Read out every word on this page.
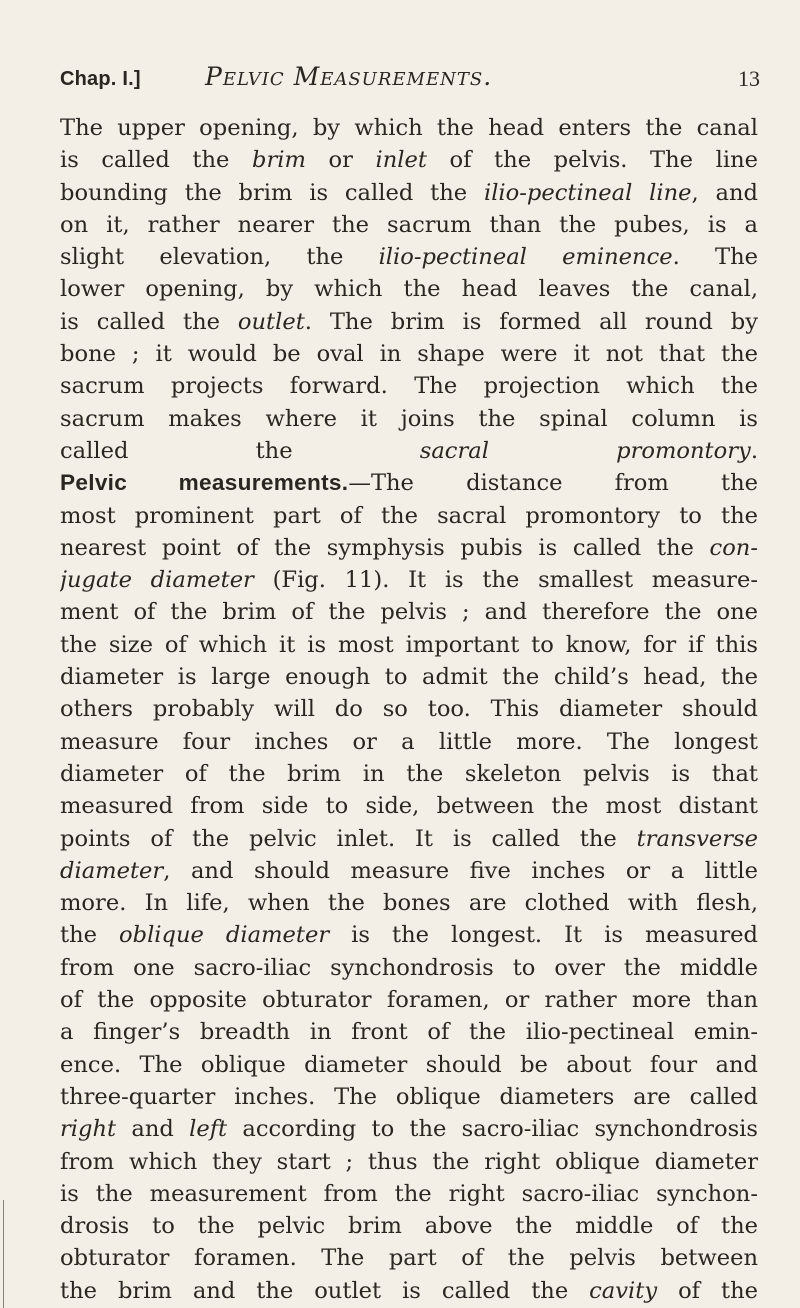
Chap. I.]	Pelvic Measurements.	13
The upper opening, by which the head enters the canal
is called the brim or inlet of the pelvis. The line
bounding the brim is called the ilio-pectineal line, and
on it, rather nearer the sacrum than the pubes, is a
slight elevation, the ilio-pectineal eminence. The
lower opening, by which the head leaves the canal,
is called the outlet. The brim is formed all round by
bone ; it would be oval in shape were it not that the
sacrum projects forward. The projection which the
sacrum makes where it joins the spinal column is
called the sacral promontory.
Pelvic measurements.—The distance from the
most prominent part of the sacral promontory to the
nearest point of the symphysis pubis is called the con-
jugate diameter (Fig. 11). It is the smallest measure-
ment of the brim of the pelvis ; and therefore the one
the size of which it is most important to know, for if this
diameter is large enough to admit the child’s head, the
others probably will do so too. This diameter should
measure four inches or a little more. The longest
diameter of the brim in the skeleton pelvis is that
measured from side to side, between the most distant
points of the pelvic inlet. It is called the transverse
diameter, and should measure five inches or a little
more. In life, when the bones are clothed with flesh,
the oblique diameter is the longest. It is measured
from one sacro-iliac synchondrosis to over the middle
of the opposite obturator foramen, or rather more than
a finger’s breadth in front of the ilio-pectineal emin-
ence. The oblique diameter should be about four and
three-quarter inches. The oblique diameters are called
right and left according to the sacro-iliac synchondrosis
from which they start ; thus the right oblique diameter
is the measurement from the right sacro-iliac synchon-
drosis to the pelvic brim above the middle of the
obturator foramen. The part of the pelvis between
the brim and the outlet is called the cavity of the
